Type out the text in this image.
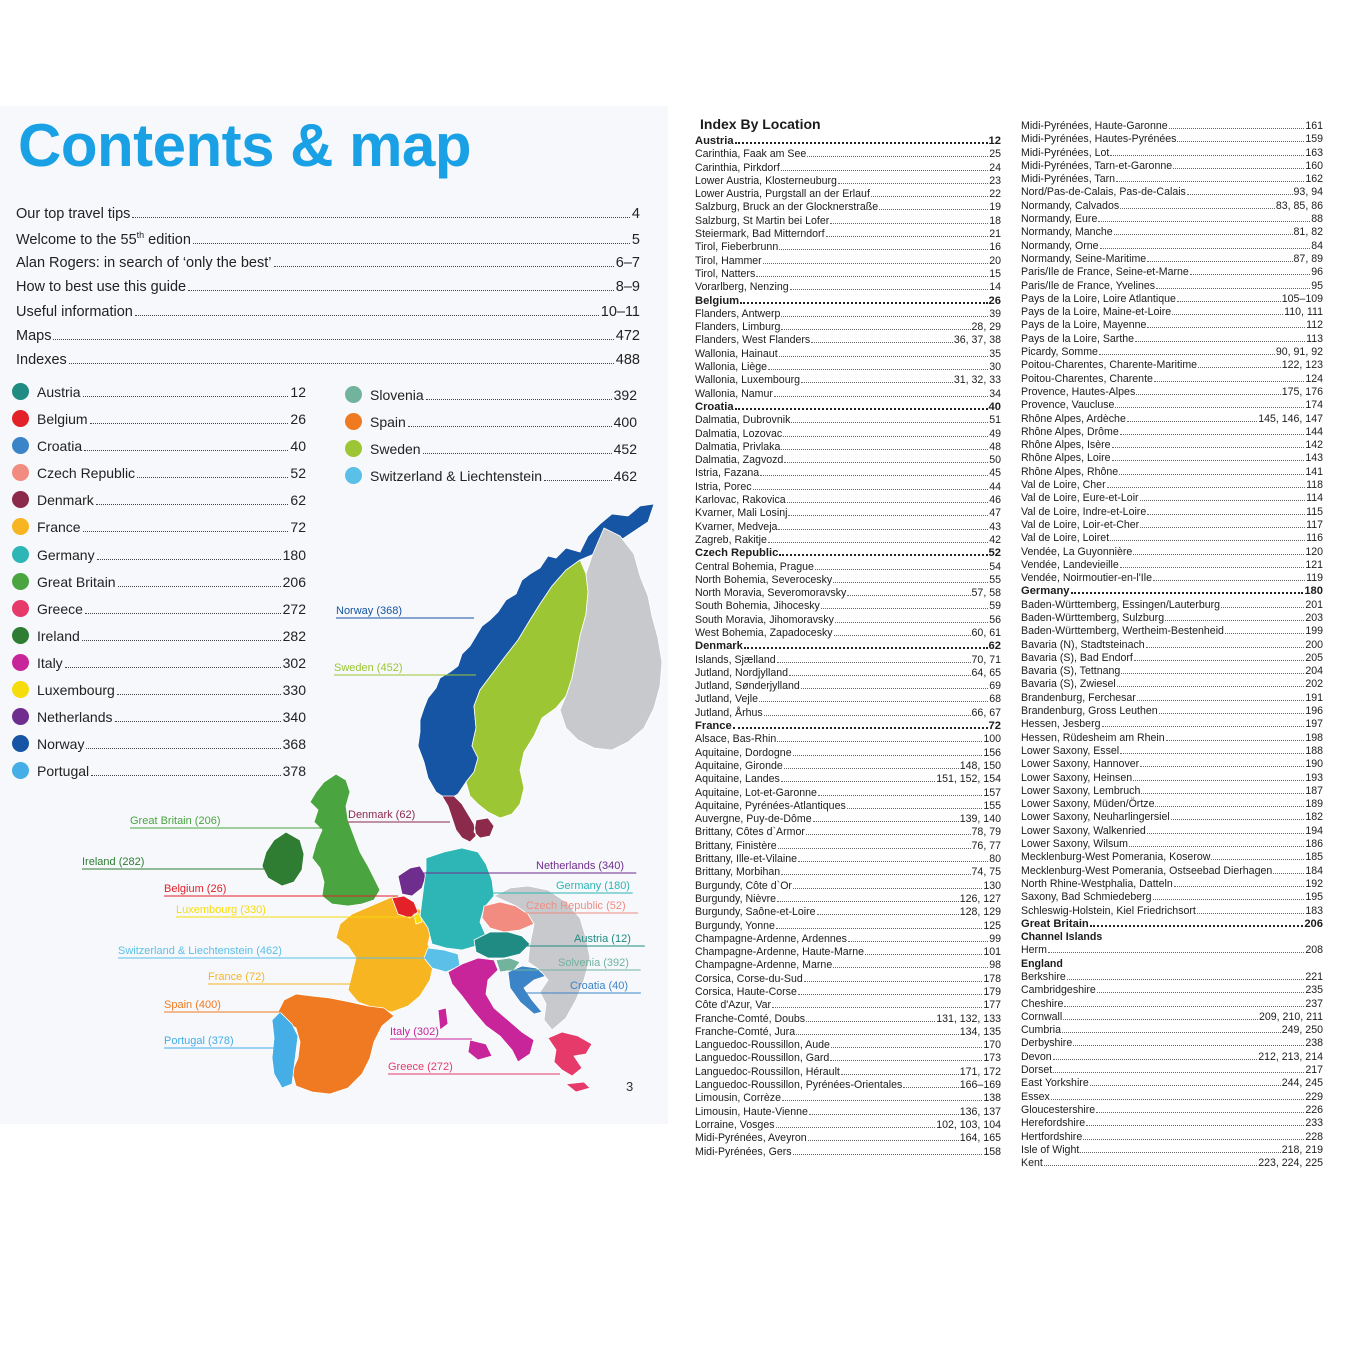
Contents & map
Our top travel tips	4
Welcome to the 55th edition	5
Alan Rogers: in search of ‘only the best’	6–7
How to best use this guide	8–9
Useful information	10–11
Maps	472
Indexes	488
Austria	12
Belgium	26
Croatia	40
Czech Republic	52
Denmark	62
France	72
Germany	180
Great Britain	206
Greece	272
Ireland	282
Italy	302
Luxembourg	330
Netherlands	340
Norway	368
Portugal	378
Slovenia	392
Spain	400
Sweden	452
Switzerland & Liechtenstein	462
Norway (368)
Sweden (452)
Denmark (62)
Great Britain (206)
Ireland (282)	Netherlands (340)
Belgium (26)	Germany (180)
Luxembourg (330)	Czech Republic (52)
Austria (12)
Switzerland & Liechtenstein (462)
Solvenia (392)
France (72)
Croatia (40)
Spain (400)
Portugal (378)
Italy (302)
Greece (272)
3
Index By Location
Austria	12
Carinthia, Faak am See	25
Carinthia, Pirkdorf	24
Lower Austria, Klosterneuburg	23
Lower Austria, Purgstall an der Erlauf	22
Salzburg, Bruck an der Glocknerstraße	19
Salzburg, St Martin bei Lofer	18
Steiermark, Bad Mitterndorf	21
Tirol, Fieberbrunn	16
Tirol, Hammer	20
Tirol, Natters	15
Vorarlberg, Nenzing	14
Belgium	26
Flanders, Antwerp	39
Flanders, Limburg	28, 29
Flanders, West Flanders	36, 37, 38
Wallonia, Hainaut	35
Wallonia, Liège	30
Wallonia, Luxembourg	31, 32, 33
Wallonia, Namur	34
Croatia	40
Dalmatia, Dubrovnik	51
Dalmatia, Lozovac	49
Dalmatia, Privlaka	48
Dalmatia, Zagvozd	50
Istria, Fazana	45
Istria, Porec	44
Karlovac, Rakovica	46
Kvarner, Mali Losinj	47
Kvarner, Medveja	43
Zagreb, Rakitje	42
Czech Republic	52
Central Bohemia, Prague	54
North Bohemia, Severocesky	55
North Moravia, Severomoravsky	57, 58
South Bohemia, Jihocesky	59
South Moravia, Jihomoravsky	56
West Bohemia, Zapadocesky	60, 61
Denmark	62
Islands, Sjælland	70, 71
Jutland, Nordjylland	64, 65
Jutland, Sønderjylland	69
Jutland, Vejle	68
Jutland, Århus	66, 67
France	72
Alsace, Bas-Rhin	100
Aquitaine, Dordogne	156
Aquitaine, Gironde	148, 150
Aquitaine, Landes	151, 152, 154
Aquitaine, Lot-et-Garonne	157
Aquitaine, Pyrénées-Atlantiques	155
Auvergne, Puy-de-Dôme	139, 140
Brittany, Côtes d`Armor	78, 79
Brittany, Finistère	76, 77
Brittany, Ille-et-Vilaine	80
Brittany, Morbihan	74, 75
Burgundy, Côte d`Or	130
Burgundy, Nièvre	126, 127
Burgundy, Saône-et-Loire	128, 129
Burgundy, Yonne	125
Champagne-Ardenne, Ardennes	99
Champagne-Ardenne, Haute-Marne	101
Champagne-Ardenne, Marne	98
Corsica, Corse-du-Sud	178
Corsica, Haute-Corse	179
Côte d'Azur, Var	177
Franche-Comté, Doubs	131, 132, 133
Franche-Comté, Jura	134, 135
Languedoc-Roussillon, Aude	170
Languedoc-Roussillon, Gard	173
Languedoc-Roussillon, Hérault	171, 172
Languedoc-Roussillon, Pyrénées-Orientales	166–169
Limousin, Corrèze	138
Limousin, Haute-Vienne	136, 137
Lorraine, Vosges	102, 103, 104
Midi-Pyrénées, Aveyron	164, 165
Midi-Pyrénées, Gers	158
Midi-Pyrénées, Haute-Garonne	161
Midi-Pyrénées, Hautes-Pyrénées	159
Midi-Pyrénées, Lot	163
Midi-Pyrénées, Tarn-et-Garonne	160
Midi-Pyrénées, Tarn	162
Nord/Pas-de-Calais, Pas-de-Calais	93, 94
Normandy, Calvados	83, 85, 86
Normandy, Eure	88
Normandy, Manche	81, 82
Normandy, Orne	84
Normandy, Seine-Maritime	87, 89
Paris/Ile de France, Seine-et-Marne	96
Paris/Ile de France, Yvelines	95
Pays de la Loire, Loire Atlantique	105–109
Pays de la Loire, Maine-et-Loire	110, 111
Pays de la Loire, Mayenne	112
Pays de la Loire, Sarthe	113
Picardy, Somme	90, 91, 92
Poitou-Charentes, Charente-Maritime	122, 123
Poitou-Charentes, Charente	124
Provence, Hautes-Alpes	175, 176
Provence, Vaucluse	174
Rhône Alpes, Ardèche	145, 146, 147
Rhône Alpes, Drôme	144
Rhône Alpes, Isère	142
Rhône Alpes, Loire	143
Rhône Alpes, Rhône	141
Val de Loire, Cher	118
Val de Loire, Eure-et-Loir	114
Val de Loire, Indre-et-Loire	115
Val de Loire, Loir-et-Cher	117
Val de Loire, Loiret	116
Vendée, La Guyonnière	120
Vendée, Landevieille	121
Vendée, Noirmoutier-en-l'Ile	119
Germany	180
Baden-Württemberg, Essingen/Lauterburg	201
Baden-Württemberg, Sulzburg	203
Baden-Württemberg, Wertheim-Bestenheid	199
Bavaria (N), Stadtsteinach	200
Bavaria (S), Bad Endorf	205
Bavaria (S), Tettnang	204
Bavaria (S), Zwiesel	202
Brandenburg, Ferchesar	191
Brandenburg, Gross Leuthen	196
Hessen, Jesberg	197
Hessen, Rüdesheim am Rhein	198
Lower Saxony, Essel	188
Lower Saxony, Hannover	190
Lower Saxony, Heinsen	193
Lower Saxony, Lembruch	187
Lower Saxony, Müden/Örtze	189
Lower Saxony, Neuharlingersiel	182
Lower Saxony, Walkenried	194
Lower Saxony, Wilsum	186
Mecklenburg-West Pomerania, Koserow	185
Mecklenburg-West Pomerania, Ostseebad Dierhagen	184
North Rhine-Westphalia, Datteln	192
Saxony, Bad Schmiedeberg	195
Schleswig-Holstein, Kiel Friedrichsort	183
Great Britain	206
Channel Islands
Herm	208
England
Berkshire	221
Cambridgeshire	235
Cheshire	237
Cornwall	209, 210, 211
Cumbria	249, 250
Derbyshire	238
Devon	212, 213, 214
Dorset	217
East Yorkshire	244, 245
Essex	229
Gloucestershire	226
Herefordshire	233
Hertfordshire	228
Isle of Wight	218, 219
Kent	223, 224, 225
